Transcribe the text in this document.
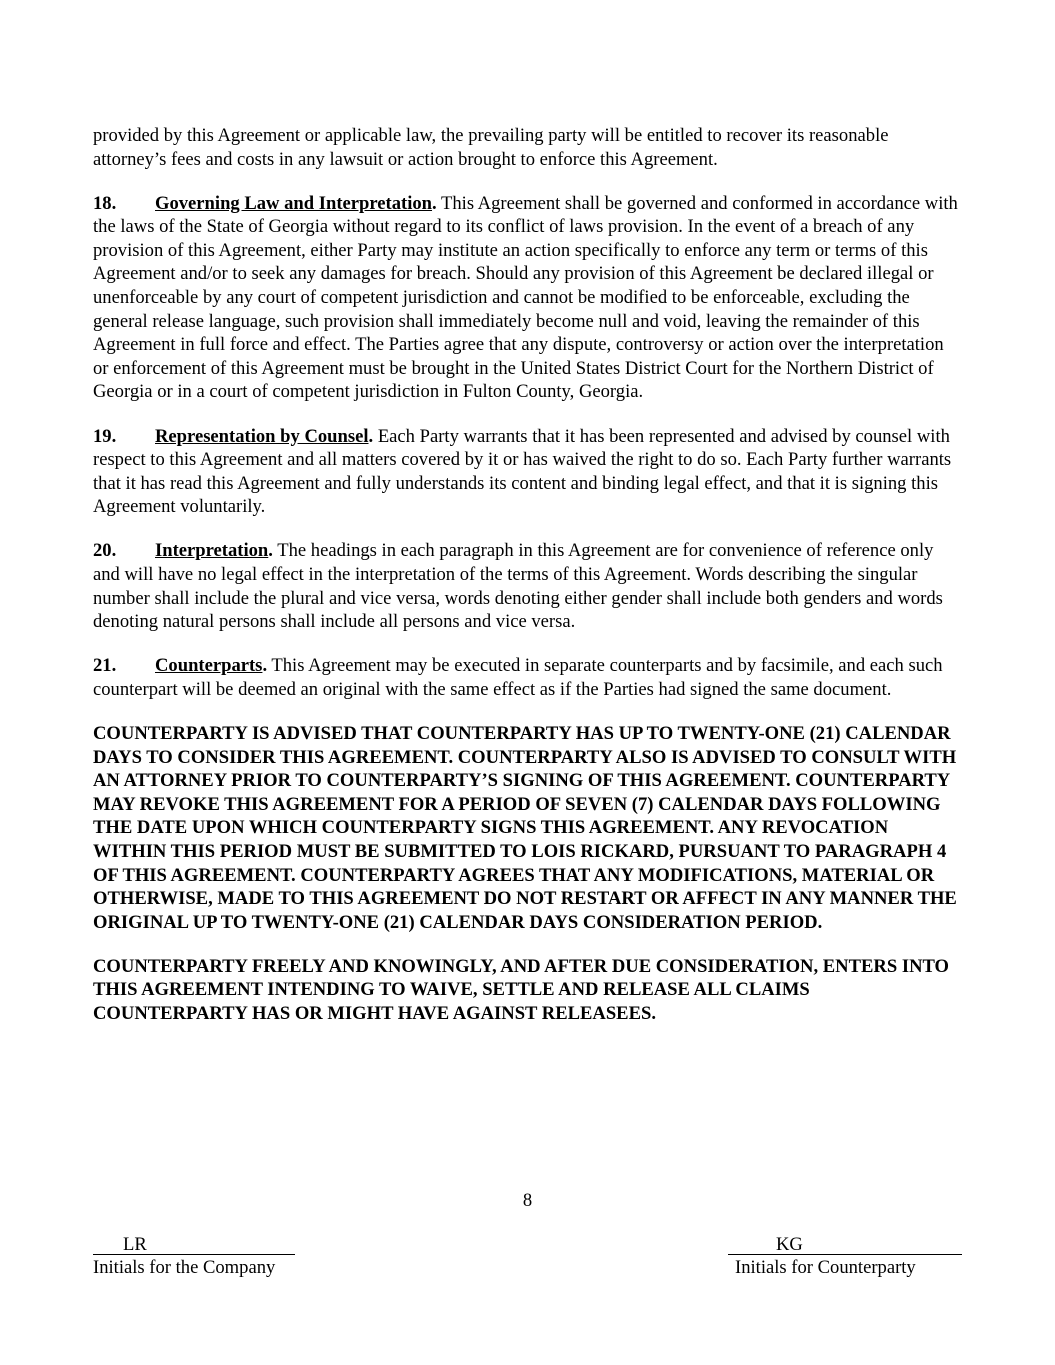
provided by this Agreement or applicable law, the prevailing party will be entitled to recover its reasonable attorney’s fees and costs in any lawsuit or action brought to enforce this Agreement.

18. Governing Law and Interpretation. This Agreement shall be governed and conformed in accordance with the laws of the State of Georgia without regard to its conflict of laws provision. In the event of a breach of any provision of this Agreement, either Party may institute an action specifically to enforce any term or terms of this Agreement and/or to seek any damages for breach. Should any provision of this Agreement be declared illegal or unenforceable by any court of competent jurisdiction and cannot be modified to be enforceable, excluding the general release language, such provision shall immediately become null and void, leaving the remainder of this Agreement in full force and effect. The Parties agree that any dispute, controversy or action over the interpretation or enforcement of this Agreement must be brought in the United States District Court for the Northern District of Georgia or in a court of competent jurisdiction in Fulton County, Georgia.

19. Representation by Counsel. Each Party warrants that it has been represented and advised by counsel with respect to this Agreement and all matters covered by it or has waived the right to do so. Each Party further warrants that it has read this Agreement and fully understands its content and binding legal effect, and that it is signing this Agreement voluntarily.

20. Interpretation. The headings in each paragraph in this Agreement are for convenience of reference only and will have no legal effect in the interpretation of the terms of this Agreement. Words describing the singular number shall include the plural and vice versa, words denoting either gender shall include both genders and words denoting natural persons shall include all persons and vice versa.

21. Counterparts. This Agreement may be executed in separate counterparts and by facsimile, and each such counterpart will be deemed an original with the same effect as if the Parties had signed the same document.

COUNTERPARTY IS ADVISED THAT COUNTERPARTY HAS UP TO TWENTY-ONE (21) CALENDAR DAYS TO CONSIDER THIS AGREEMENT. COUNTERPARTY ALSO IS ADVISED TO CONSULT WITH AN ATTORNEY PRIOR TO COUNTERPARTY’S SIGNING OF THIS AGREEMENT. COUNTERPARTY MAY REVOKE THIS AGREEMENT FOR A PERIOD OF SEVEN (7) CALENDAR DAYS FOLLOWING THE DATE UPON WHICH COUNTERPARTY SIGNS THIS AGREEMENT. ANY REVOCATION WITHIN THIS PERIOD MUST BE SUBMITTED TO LOIS RICKARD, PURSUANT TO PARAGRAPH 4 OF THIS AGREEMENT. COUNTERPARTY AGREES THAT ANY MODIFICATIONS, MATERIAL OR OTHERWISE, MADE TO THIS AGREEMENT DO NOT RESTART OR AFFECT IN ANY MANNER THE ORIGINAL UP TO TWENTY-ONE (21) CALENDAR DAYS CONSIDERATION PERIOD.

COUNTERPARTY FREELY AND KNOWINGLY, AND AFTER DUE CONSIDERATION, ENTERS INTO THIS AGREEMENT INTENDING TO WAIVE, SETTLE AND RELEASE ALL CLAIMS COUNTERPARTY HAS OR MIGHT HAVE AGAINST RELEASEES.

8
LR
Initials for the Company
KG
Initials for Counterparty
